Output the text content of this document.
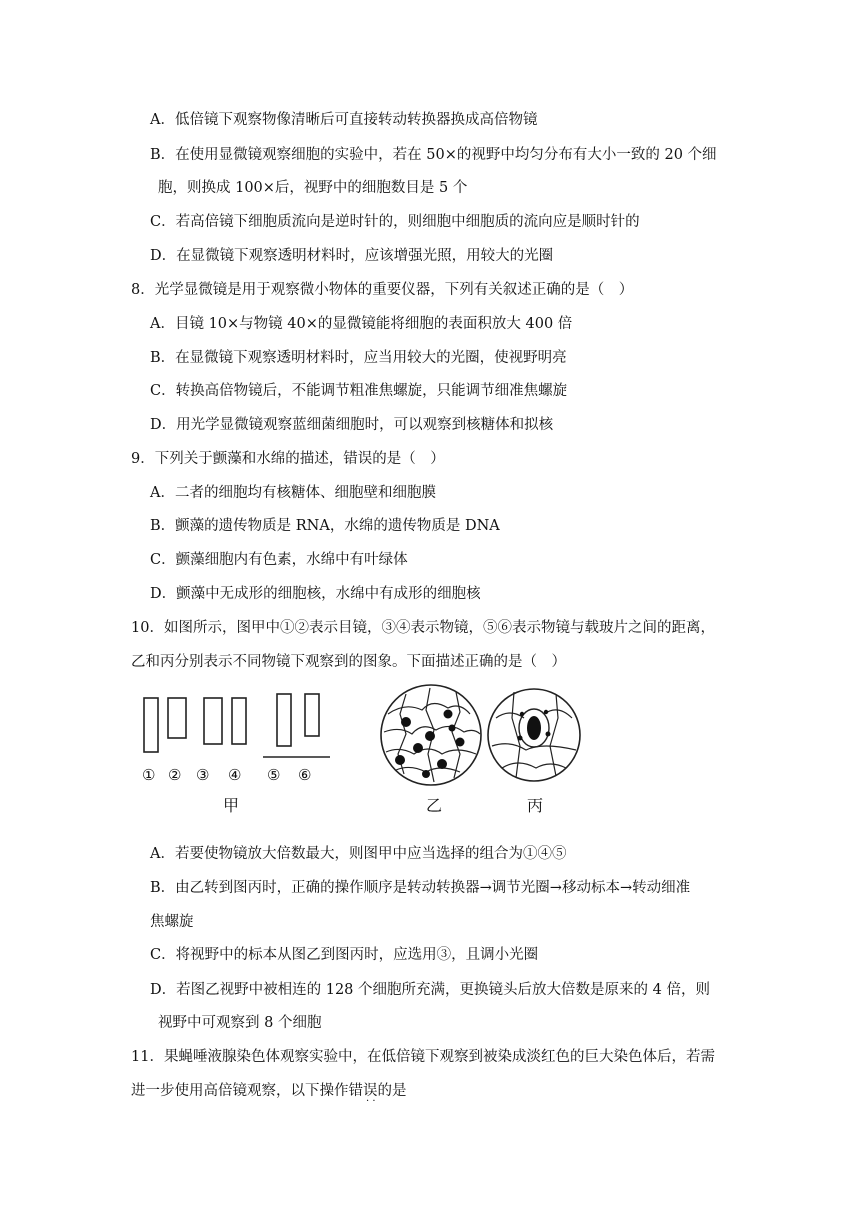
A．低倍镜下观察物像清晰后可直接转动转换器换成高倍物镜
B．在使用显微镜观察细胞的实验中，若在 50×的视野中均匀分布有大小一致的 20 个细
胞，则换成 100×后，视野中的细胞数目是 5 个
C．若高倍镜下细胞质流向是逆时针的，则细胞中细胞质的流向应是顺时针的
D．在显微镜下观察透明材料时，应该增强光照，用较大的光圈
8．光学显微镜是用于观察微小物体的重要仪器，下列有关叙述正确的是（　）
A．目镜 10×与物镜 40×的显微镜能将细胞的表面积放大 400 倍
B．在显微镜下观察透明材料时，应当用较大的光圈，使视野明亮
C．转换高倍物镜后，不能调节粗准焦螺旋，只能调节细准焦螺旋
D．用光学显微镜观察蓝细菌细胞时，可以观察到核糖体和拟核
9．下列关于颤藻和水绵的描述，错误的是（　）
A．二者的细胞均有核糖体、细胞壁和细胞膜
B．颤藻的遗传物质是 RNA，水绵的遗传物质是 DNA
C．颤藻细胞内有色素，水绵中有叶绿体
D．颤藻中无成形的细胞核，水绵中有成形的细胞核
10．如图所示，图甲中①②表示目镜，③④表示物镜，⑤⑥表示物镜与载玻片之间的距离，
乙和丙分别表示不同物镜下观察到的图象。下面描述正确的是（　）
① ② ③ ④ ⑤ ⑥
甲	乙	丙
A．若要使物镜放大倍数最大，则图甲中应当选择的组合为①④⑤
B．由乙转到图丙时，正确的操作顺序是转动转换器→调节光圈→移动标本→转动细准
焦螺旋
C．将视野中的标本从图乙到图丙时，应选用③，且调小光圈
D．若图乙视野中被相连的 128 个细胞所充满，更换镜头后放大倍数是原来的 4 倍，则
视野中可观察到 8 个细胞
11．果蝇唾液腺染色体观察实验中，在低倍镜下观察到被染成淡红色的巨大染色体后，若需
进一步使用高倍镜观察，以下操作错误的是
· ·
